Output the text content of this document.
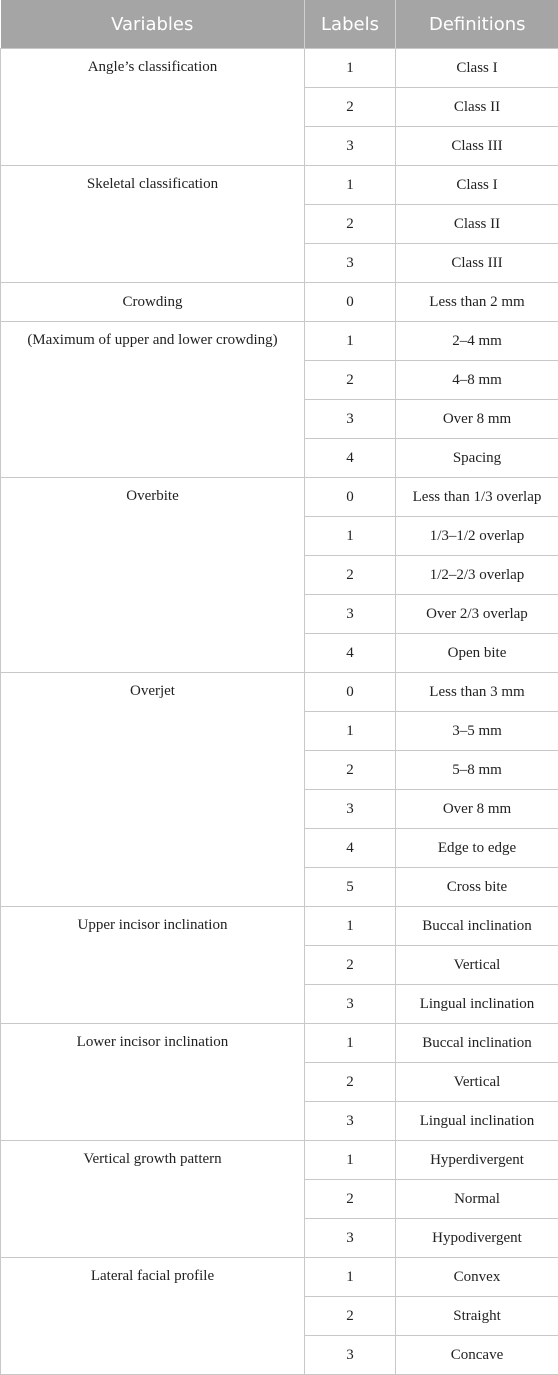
Variables	Labels	Definitions
Angle’s classification	1	Class I
	2	Class II
	3	Class III
Skeletal classification	1	Class I
	2	Class II
	3	Class III
Crowding	0	Less than 2 mm
(Maximum of upper and lower crowding)	1	2–4 mm
	2	4–8 mm
	3	Over 8 mm
	4	Spacing
Overbite	0	Less than 1/3 overlap
	1	1/3–1/2 overlap
	2	1/2–2/3 overlap
	3	Over 2/3 overlap
	4	Open bite
Overjet	0	Less than 3 mm
	1	3–5 mm
	2	5–8 mm
	3	Over 8 mm
	4	Edge to edge
	5	Cross bite
Upper incisor inclination	1	Buccal inclination
	2	Vertical
	3	Lingual inclination
Lower incisor inclination	1	Buccal inclination
	2	Vertical
	3	Lingual inclination
Vertical growth pattern	1	Hyperdivergent
	2	Normal
	3	Hypodivergent
Lateral facial profile	1	Convex
	2	Straight
	3	Concave
